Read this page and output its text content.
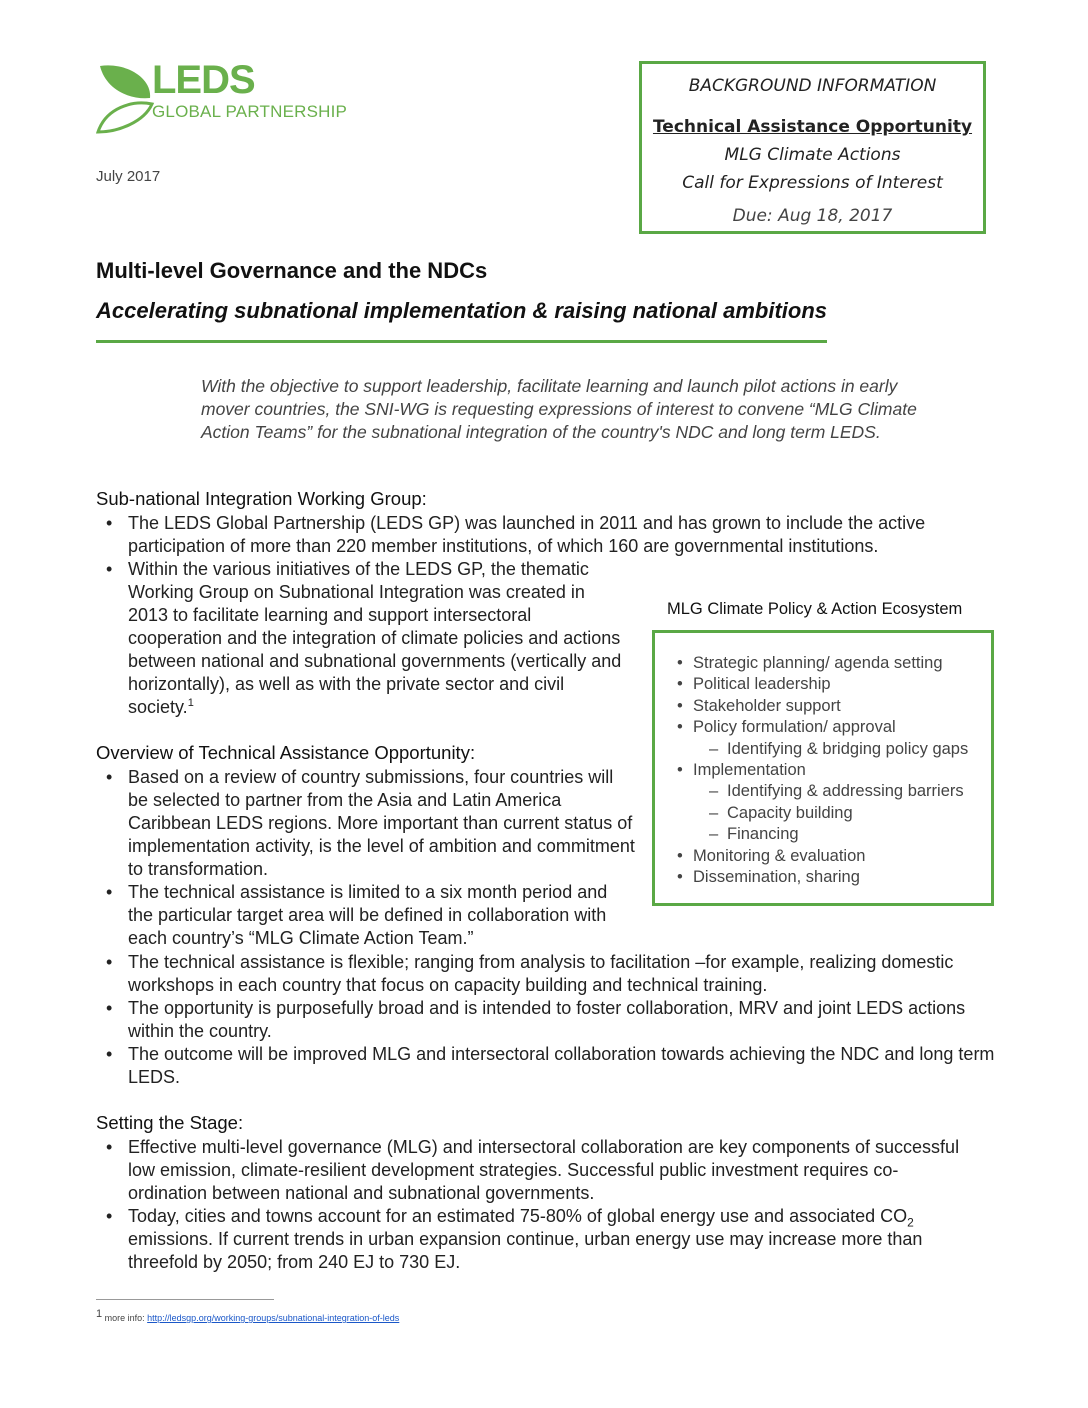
LEDS
GLOBAL PARTNERSHIP
July 2017
BACKGROUND INFORMATION
Technical Assistance Opportunity
MLG Climate Actions
Call for Expressions of Interest
Due: Aug 18, 2017
Multi-level Governance and the NDCs
Accelerating subnational implementation & raising national ambitions
With the objective to support leadership, facilitate learning and launch pilot actions in early mover countries, the SNI-WG is requesting expressions of interest to convene “MLG Climate Action Teams” for the subnational integration of the country's NDC and long term LEDS.
Sub-national Integration Working Group:
• The LEDS Global Partnership (LEDS GP) was launched in 2011 and has grown to include the active participation of more than 220 member institutions, of which 160 are governmental institutions.
• Within the various initiatives of the LEDS GP, the thematic Working Group on Subnational Integration was created in 2013 to facilitate learning and support intersectoral cooperation and the integration of climate policies and actions between national and subnational governments (vertically and horizontally), as well as with the private sector and civil society.$^1$
MLG Climate Policy & Action Ecosystem
• Strategic planning/ agenda setting
• Political leadership
• Stakeholder support
• Policy formulation/ approval
– Identifying & bridging policy gaps
• Implementation
– Identifying & addressing barriers
– Capacity building
– Financing
• Monitoring & evaluation
• Dissemination, sharing
Overview of Technical Assistance Opportunity:
• Based on a review of country submissions, four countries will be selected to partner from the Asia and Latin America Caribbean LEDS regions. More important than current status of implementation activity, is the level of ambition and commitment to transformation.
• The technical assistance is limited to a six month period and the particular target area will be defined in collaboration with each country’s “MLG Climate Action Team.”
• The technical assistance is flexible; ranging from analysis to facilitation –for example, realizing domestic workshops in each country that focus on capacity building and technical training.
• The opportunity is purposefully broad and is intended to foster collaboration, MRV and joint LEDS actions within the country.
• The outcome will be improved MLG and intersectoral collaboration towards achieving the NDC and long term LEDS.
Setting the Stage:
• Effective multi-level governance (MLG) and intersectoral collaboration are key components of successful low emission, climate-resilient development strategies. Successful public investment requires co-ordination between national and subnational governments.
• Today, cities and towns account for an estimated 75-80% of global energy use and associated $CO_2$ emissions. If current trends in urban expansion continue, urban energy use may increase more than threefold by 2050; from 240 EJ to 730 EJ.
1 more info: http://ledsgp.org/working-groups/subnational-integration-of-leds
